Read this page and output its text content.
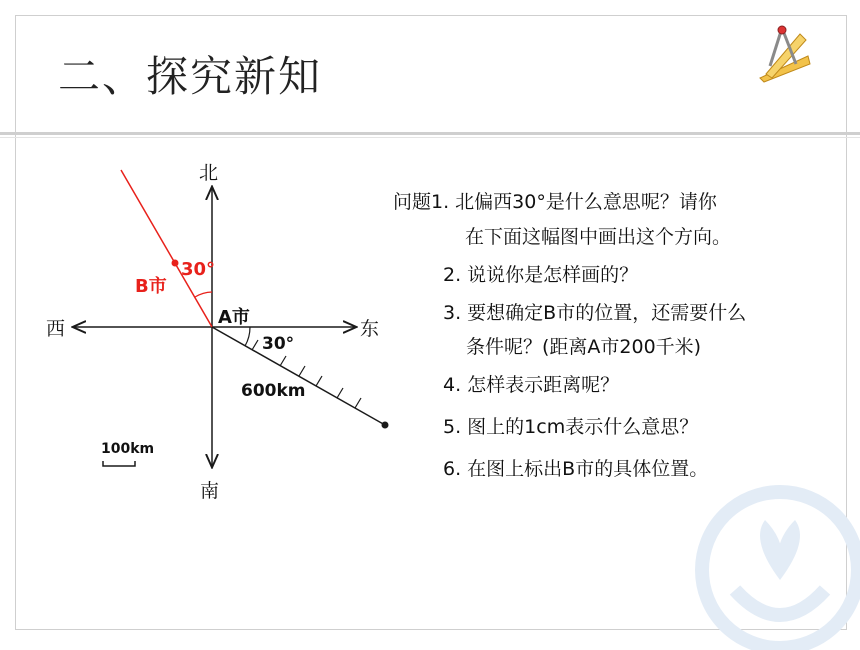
二、探究新知
北
南
西	东
A市
B市
30°
30°
600km
100km
问题1. 北偏西30°是什么意思呢？请你
在下面这幅图中画出这个方向。
2. 说说你是怎样画的？
3. 要想确定B市的位置，还需要什么
条件呢？(距离A市200千米)
4. 怎样表示距离呢？
5. 图上的1cm表示什么意思？
6. 在图上标出B市的具体位置。
